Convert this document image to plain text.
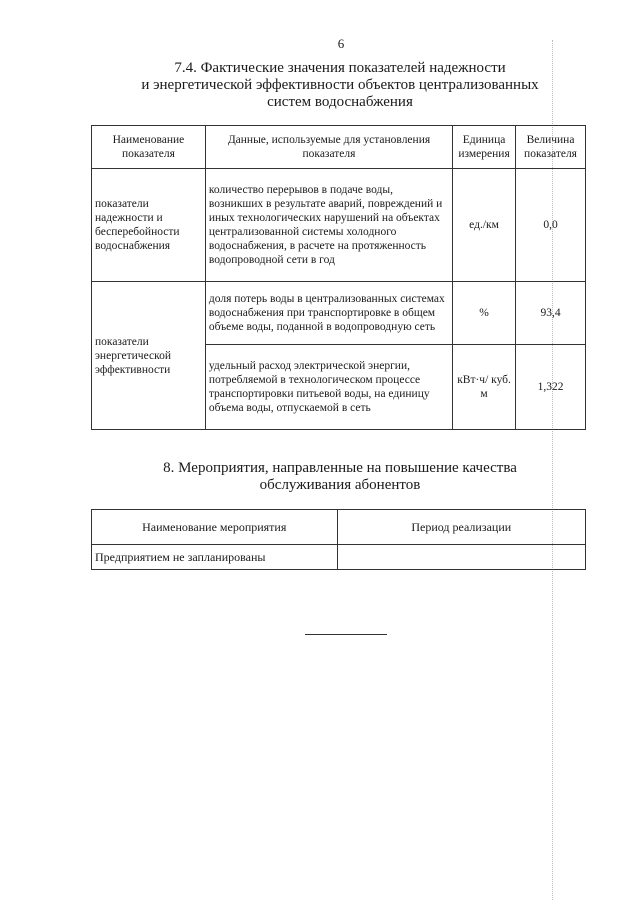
6
7.4. Фактические значения показателей надежности
и энергетической эффективности объектов централизованных
систем водоснабжения
Наименование показателя	Данные, используемые для установления показателя	Единица измерения	Величина показателя
показатели надежности и бесперебойности водоснабжения	количество перерывов в подаче воды, возникших в результате аварий, повреждений и иных технологических нарушений на объектах централизованной системы холодного водоснабжения, в расчете на протяженность водопроводной сети в год	ед./км	0,0
показатели энергетической эффективности	доля потерь воды в централизованных системах водоснабжения при транспортировке в общем объеме воды, поданной в водопроводную сеть	%	93,4
	удельный расход электрической энергии, потребляемой в технологическом процессе транспортировки питьевой воды, на единицу объема воды, отпускаемой в сеть	кВт·ч/ куб. м	1,322
8. Мероприятия, направленные на повышение качества
обслуживания абонентов
Наименование мероприятия	Период реализации
Предприятием не запланированы	
